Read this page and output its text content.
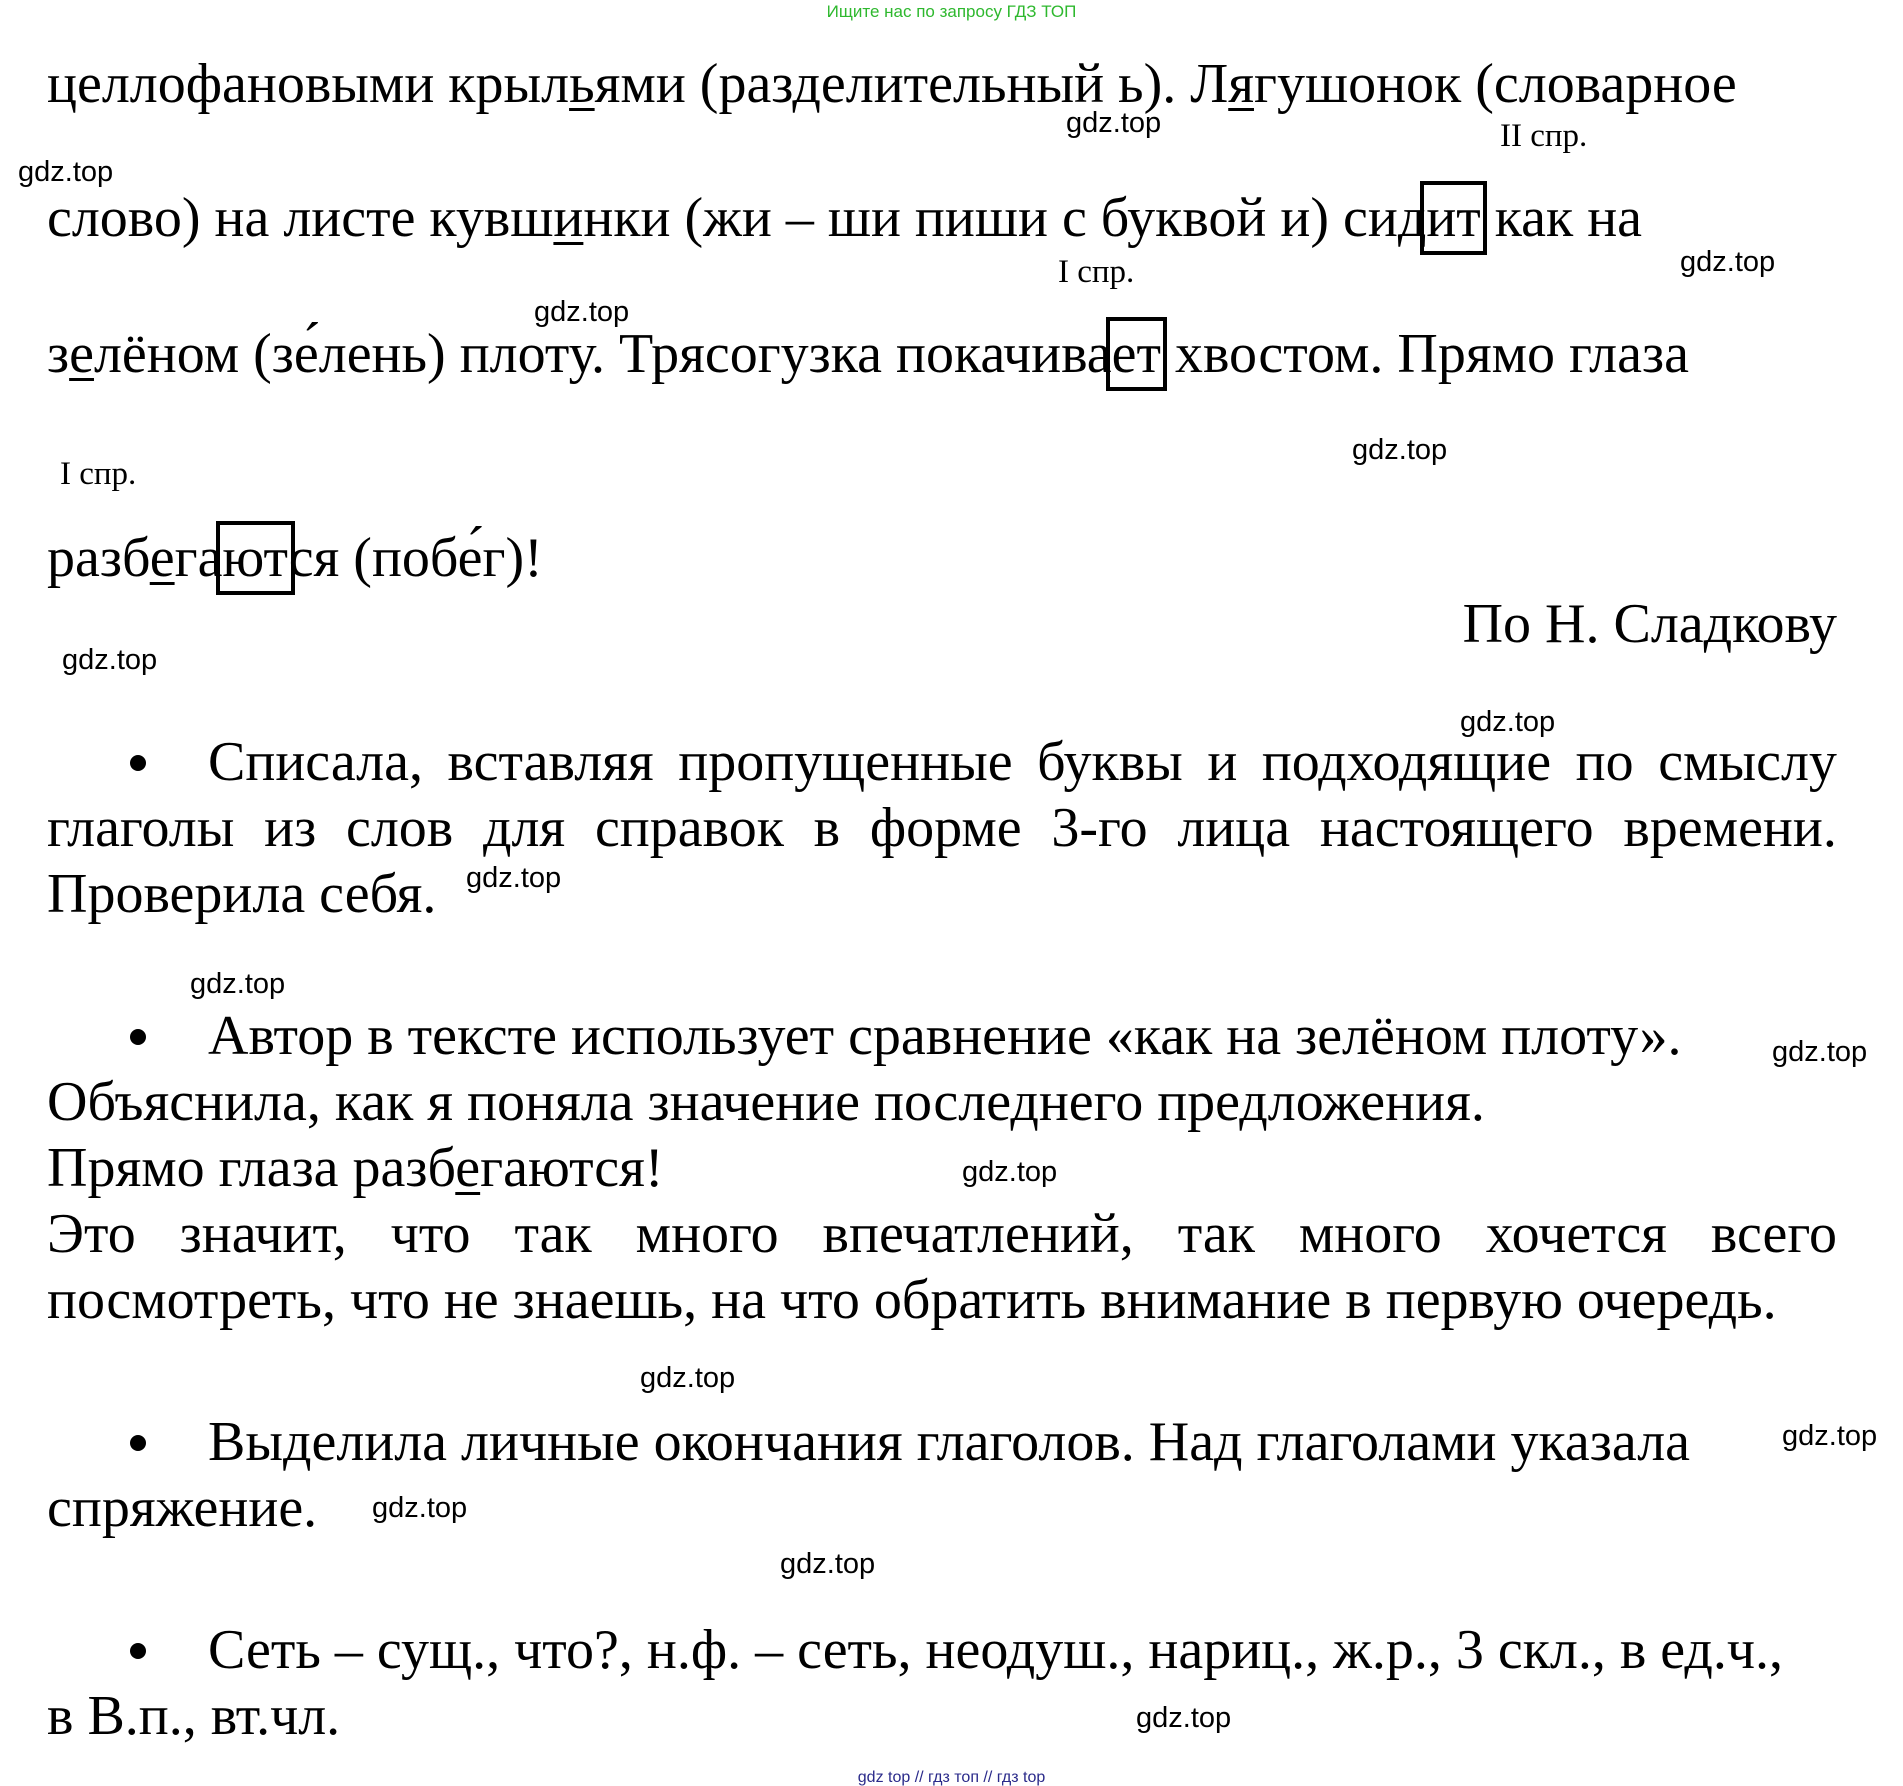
Ищите нас по запросу ГДЗ ТОП
целлофановыми крыльями (разделительный ь). Лягушонок (словарное
II спр.
слово) на листе кувшинки (жи – ши пиши с буквой и) сидит как на
I спр.
зелёном (зе́лень) плоту. Трясогузка покачивает хвостом. Прямо глаза
I спр.
разбегаются (побе́г)!
По Н. Сладкову
Списала, вставляя пропущенные буквы и подходящие по смыслу
глаголы из слов для справок в форме 3-го лица настоящего времени.
Проверила себя.
Автор в тексте использует сравнение «как на зелёном плоту».
Объяснила, как я поняла значение последнего предложения.
Прямо глаза разбегаются!
Это значит, что так много впечатлений, так много хочется всего
посмотреть, что не знаешь, на что обратить внимание в первую очередь.
Выделила личные окончания глаголов. Над глаголами указала
спряжение.
Сеть – сущ., что?, н.ф. – сеть, неодуш., нариц., ж.р., 3 скл., в ед.ч.,
в В.п., вт.чл.
gdz.top
gdz.top
gdz.top
gdz.top
gdz.top
gdz.top
gdz.top
gdz.top
gdz.top
gdz.top
gdz.top
gdz.top
gdz.top
gdz.top
gdz.top
gdz.top
gdz top // гдз топ // гдз top
